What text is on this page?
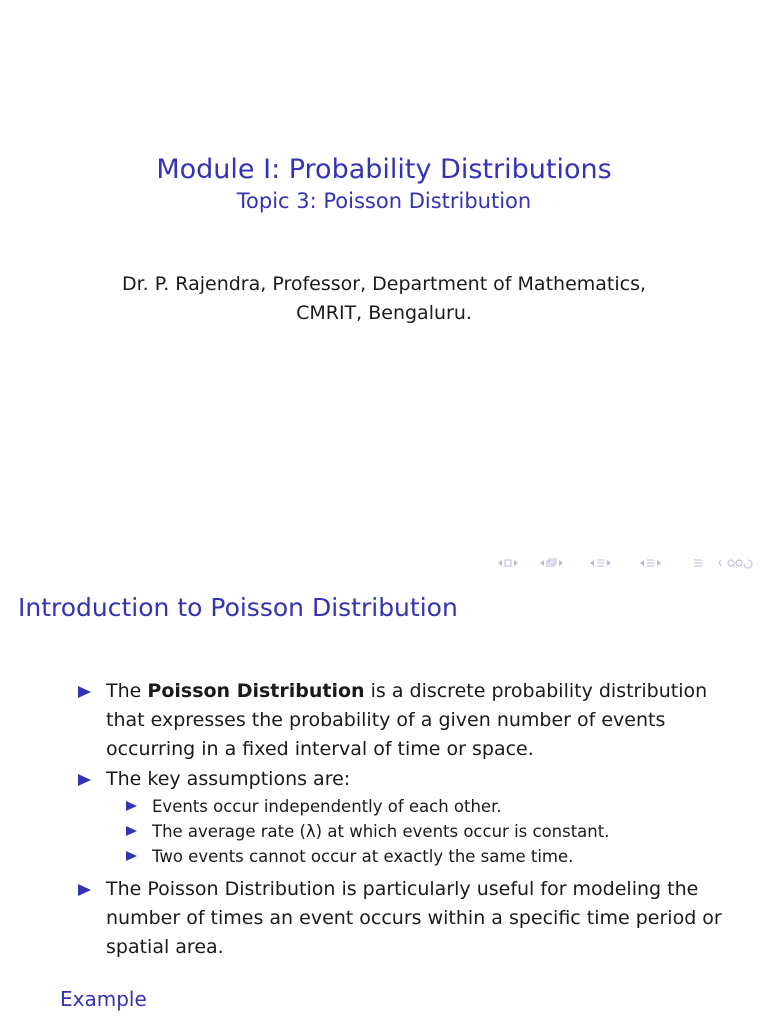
Module I: Probability Distributions
Topic 3: Poisson Distribution
Dr. P. Rajendra, Professor, Department of Mathematics,
CMRIT, Bengaluru.
Introduction to Poisson Distribution
The Poisson Distribution is a discrete probability distribution that expresses the probability of a given number of events occurring in a fixed interval of time or space.
The key assumptions are:
Events occur independently of each other.
The average rate (λ) at which events occur is constant.
Two events cannot occur at exactly the same time.
The Poisson Distribution is particularly useful for modeling the number of times an event occurs within a specific time period or spatial area.
Example
